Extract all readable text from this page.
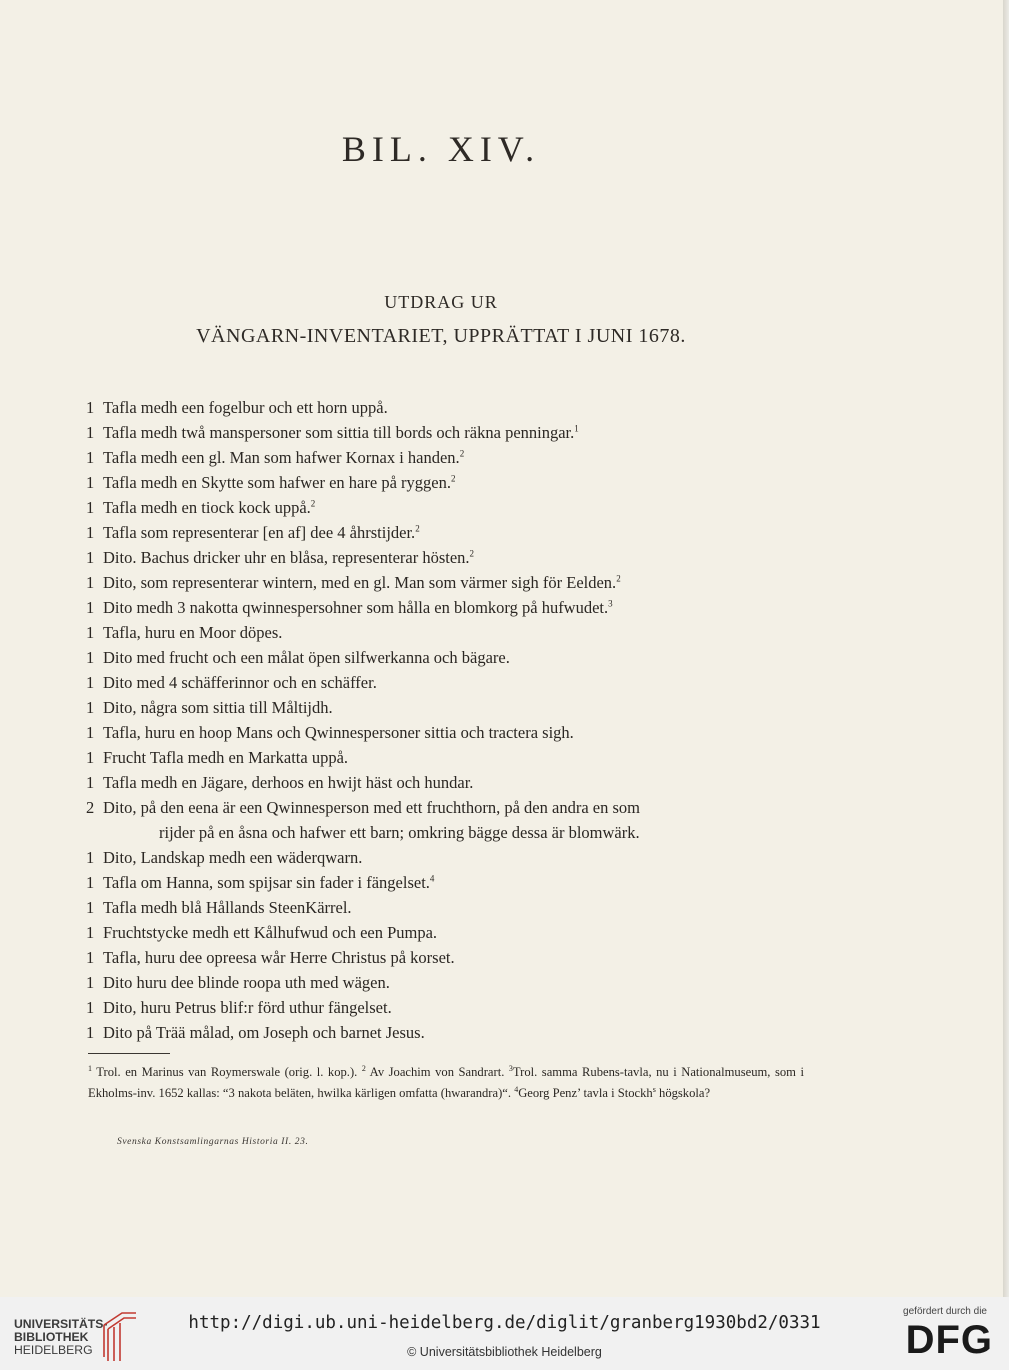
BIL. XIV.
UTDRAG UR
VÄNGARN-INVENTARIET, UPPRÄTTAT I JUNI 1678.
1 Tafla medh een fogelbur och ett horn uppå.
1 Tafla medh twå manspersoner som sittia till bords och räkna penningar.$^1$
1 Tafla medh een gl. Man som hafwer Kornax i handen.$^2$
1 Tafla medh en Skytte som hafwer en hare på ryggen.$^2$
1 Tafla medh en tiock kock uppå.$^2$
1 Tafla som representerar [en af] dee 4 åhrstijder.$^2$
1 Dito. Bachus dricker uhr en blåsa, representerar hösten.$^2$
1 Dito, som representerar wintern, med en gl. Man som värmer sigh för Eelden.$^2$
1 Dito medh 3 nakotta qwinnespersohner som hålla en blomkorg på hufwudet.$^3$
1 Tafla, huru en Moor döpes.
1 Dito med frucht och een målat öpen silfwerkanna och bägare.
1 Dito med 4 schäfferinnor och en schäffer.
1 Dito, några som sittia till Måltijdh.
1 Tafla, huru en hoop Mans och Qwinnespersoner sittia och tractera sigh.
1 Frucht Tafla medh en Markatta uppå.
1 Tafla medh en Jägare, derhoos en hwijt häst och hundar.
2 Dito, på den eena är een Qwinnesperson med ett fruchthorn, på den andra en som
rijder på en åsna och hafwer ett barn; omkring bägge dessa är blomwärk.
1 Dito, Landskap medh een wäderqwarn.
1 Tafla om Hanna, som spijsar sin fader i fängelset.$^4$
1 Tafla medh blå Hållands SteenKärrel.
1 Fruchtstycke medh ett Kålhufwud och een Pumpa.
1 Tafla, huru dee opreesa wår Herre Christus på korset.
1 Dito huru dee blinde roopa uth med wägen.
1 Dito, huru Petrus blif:r förd uthur fängelset.
1 Dito på Trää målad, om Joseph och barnet Jesus.
$^1$ Trol. en Marinus van Roymerswale (orig. l. kop.). $^2$ Av Joachim von Sandrart. $^3$Trol. samma Rubens-tavla, nu i Nationalmuseum, som i Ekholms-inv. 1652 kallas: “3 nakota beläten, hwilka kärligen omfatta (hwarandra)“. $^4$Georg Penz’ tavla i Stockh$^s$ högskola?
Svenska Konstsamlingarnas Historia II. 23.
UNIVERSITÄTS-
BIBLIOTHEK
HEIDELBERG
http://digi.ub.uni-heidelberg.de/diglit/granberg1930bd2/0331
© Universitätsbibliothek Heidelberg
gefördert durch die
DFG
